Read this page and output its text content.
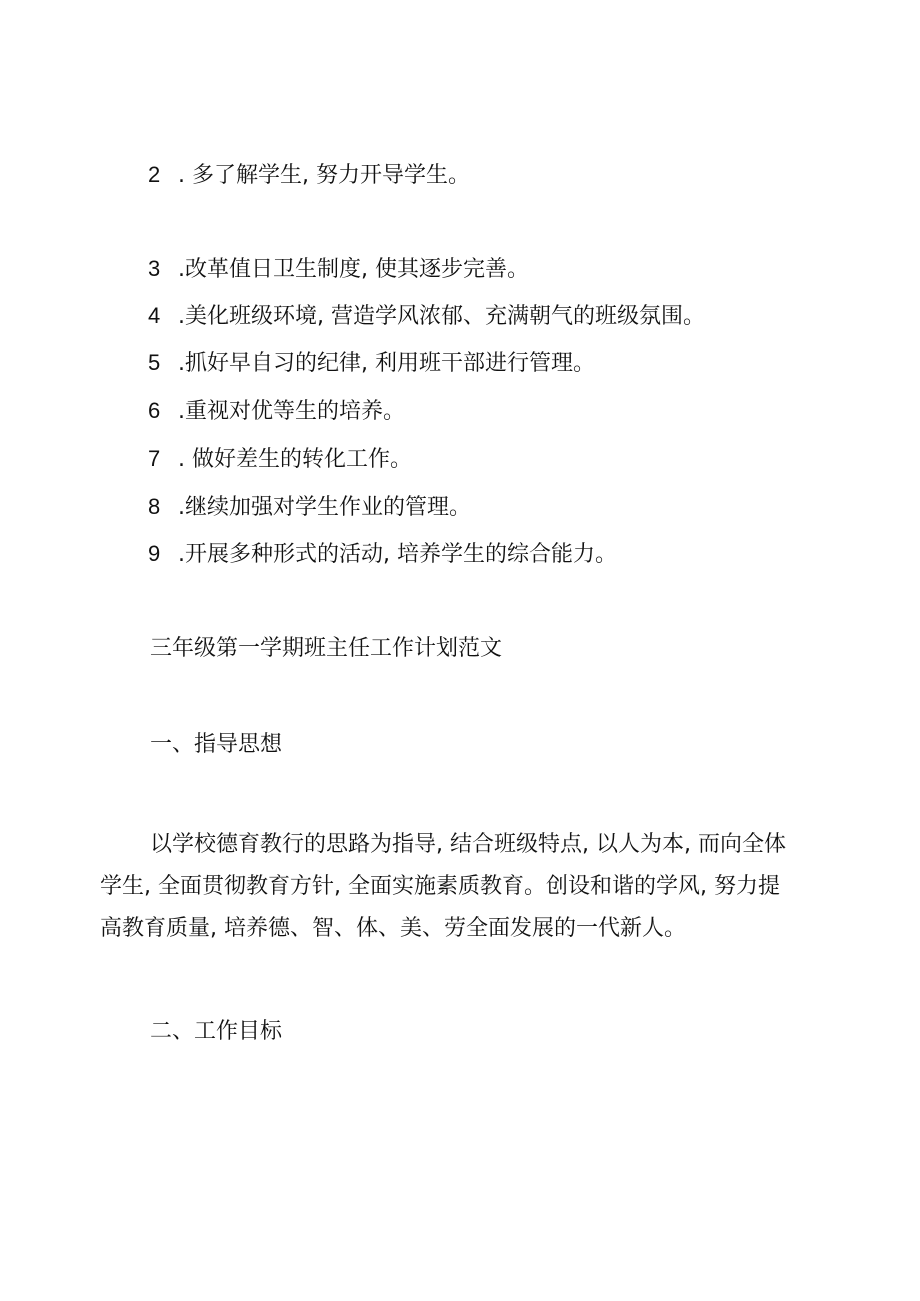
2 . 多了解学生, 努力开导学生。
3 .改革值日卫生制度, 使其逐步完善。
4 .美化班级环境, 营造学风浓郁、充满朝气的班级氛围。
5 .抓好早自习的纪律, 利用班干部进行管理。
6 .重视对优等生的培养。
7 . 做好差生的转化工作。
8 .继续加强对学生作业的管理。
9 .开展多种形式的活动, 培养学生的综合能力。
三年级第一学期班主任工作计划范文
一、指导思想
以学校德育教行的思路为指导, 结合班级特点, 以人为本, 而向全体
学生, 全面贯彻教育方针, 全面实施素质教育。创设和谐的学风, 努力提
高教育质量, 培养德、智、体、美、劳全面发展的一代新人。
二、工作目标
